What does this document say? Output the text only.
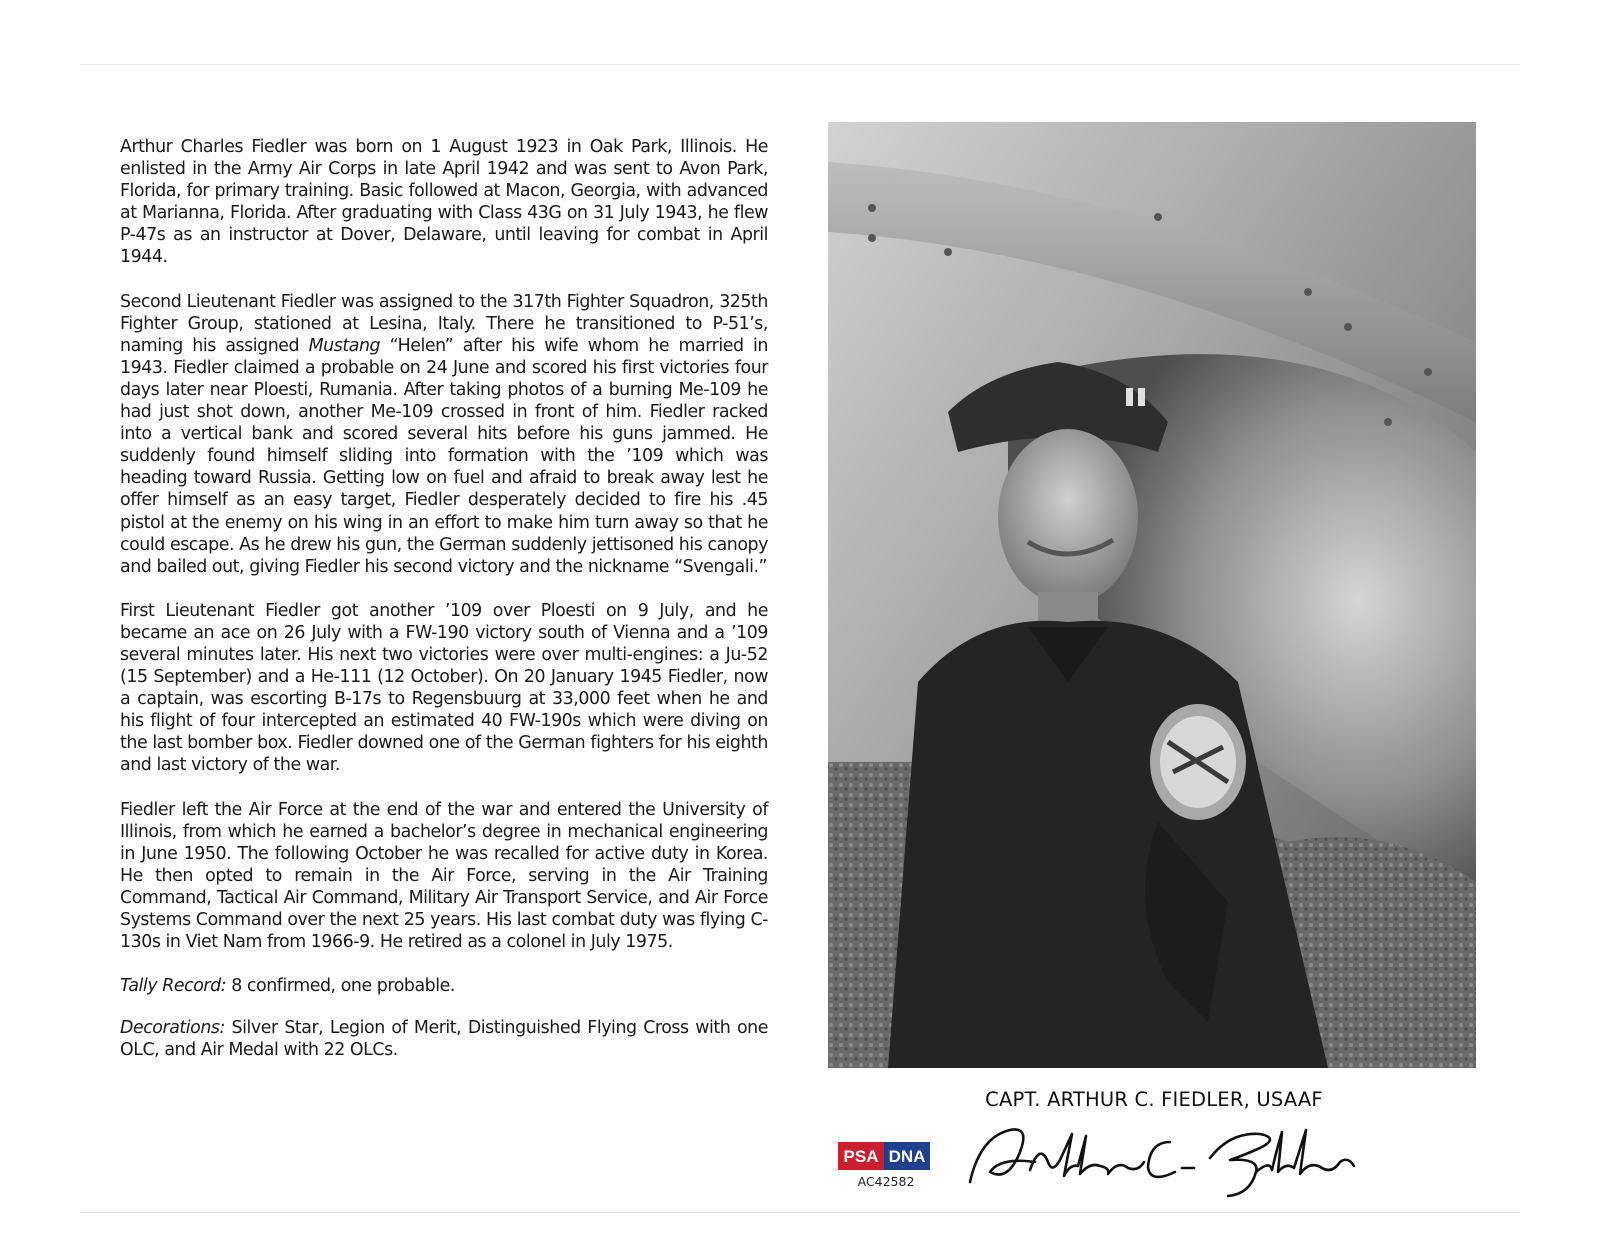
Arthur Charles Fiedler was born on 1 August 1923 in Oak Park, Illinois. He enlisted in the Army Air Corps in late April 1942 and was sent to Avon Park, Florida, for primary training. Basic followed at Macon, Georgia, with advanced at Marianna, Florida. After graduating with Class 43G on 31 July 1943, he flew P-47s as an instructor at Dover, Delaware, until leaving for combat in April 1944.

Second Lieutenant Fiedler was assigned to the 317th Fighter Squadron, 325th Fighter Group, stationed at Lesina, Italy. There he transitioned to P-51’s, naming his assigned Mustang “Helen” after his wife whom he married in 1943. Fiedler claimed a probable on 24 June and scored his first victories four days later near Ploesti, Rumania. After taking photos of a burning Me-109 he had just shot down, another Me-109 crossed in front of him. Fiedler racked into a vertical bank and scored several hits before his guns jammed. He suddenly found himself sliding into formation with the ’109 which was heading toward Russia. Getting low on fuel and afraid to break away lest he offer himself as an easy target, Fiedler desperately decided to fire his .45 pistol at the enemy on his wing in an effort to make him turn away so that he could escape. As he drew his gun, the German suddenly jettisoned his canopy and bailed out, giving Fiedler his second victory and the nickname “Svengali.”

First Lieutenant Fiedler got another ’109 over Ploesti on 9 July, and he became an ace on 26 July with a FW-190 victory south of Vienna and a ’109 several minutes later. His next two victories were over multi-engines: a Ju-52 (15 September) and a He-111 (12 October). On 20 January 1945 Fiedler, now a captain, was escorting B-17s to Regensbuurg at 33,000 feet when he and his flight of four intercepted an estimated 40 FW-190s which were diving on the last bomber box. Fiedler downed one of the German fighters for his eighth and last victory of the war.

Fiedler left the Air Force at the end of the war and entered the University of Illinois, from which he earned a bachelor’s degree in mechanical engineering in June 1950. The following October he was recalled for active duty in Korea. He then opted to remain in the Air Force, serving in the Air Training Command, Tactical Air Command, Military Air Transport Service, and Air Force Systems Command over the next 25 years. His last combat duty was flying C-130s in Viet Nam from 1966-9. He retired as a colonel in July 1975.

Tally Record: 8 confirmed, one probable.

Decorations: Silver Star, Legion of Merit, Distinguished Flying Cross with one OLC, and Air Medal with 22 OLCs.

CAPT. ARTHUR C. FIEDLER, USAAF
PSA DNA
AC42582
